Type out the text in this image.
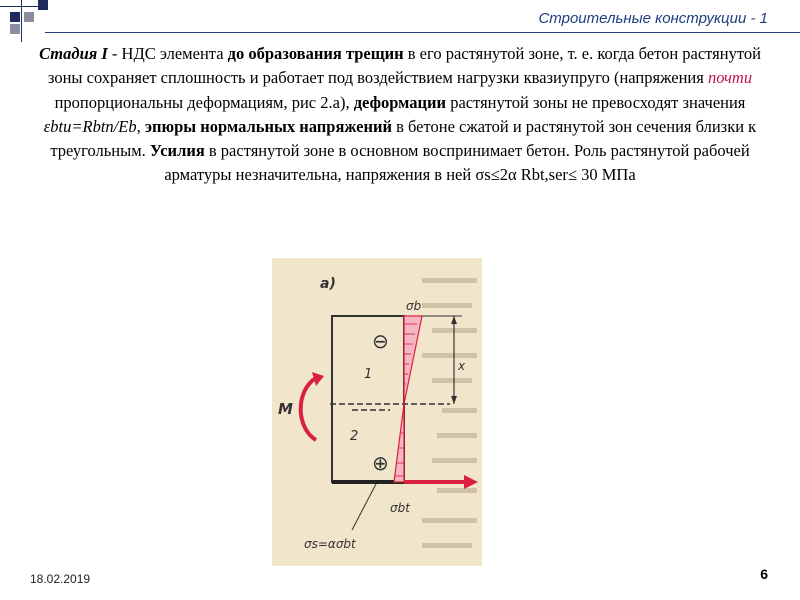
Строительные конструкции - 1
Стадия I - НДС элемента до образования трещин в его растянутой зоне, т. е. когда бетон растянутой зоны сохраняет сплошность и работает под воздействием нагрузки квазиупруго (напряжения почти пропорциональны деформациям, рис 2.а), деформации растянутой зоны не превосходят значения εbtu=Rbtn/Eb, эпюры нормальных напряжений в бетоне сжатой и растянутой зон сечения близки к треугольным. Усилия в растянутой зоне в основном воспринимает бетон. Роль растянутой рабочей арматуры незначительна, напряжения в ней σs≤2α Rbt,ser≤ 30 МПа
а)
x
σb
σbt
⊖
⊕
1
2
M
σs=ασbt
18.02.2019	6
